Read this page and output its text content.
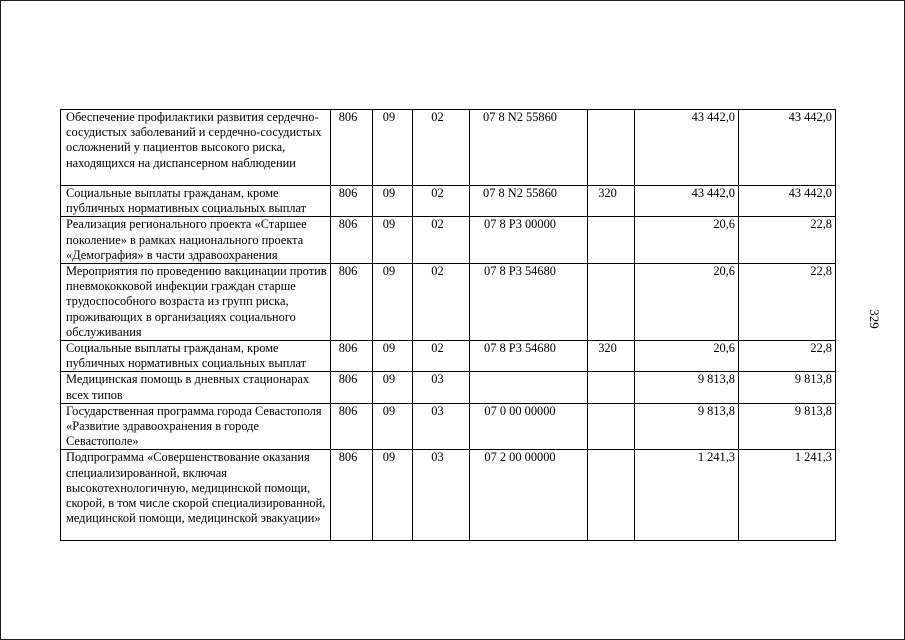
Обеспечение профилактики развития сердечно-сосудистых заболеваний и сердечно-сосудистых осложнений у пациентов высокого риска, находящихся на диспансерном наблюдении	806	09	02	07 8 N2 55860		43 442,0	43 442,0
Социальные выплаты гражданам, кроме публичных нормативных социальных выплат	806	09	02	07 8 N2 55860	320	43 442,0	43 442,0
Реализация регионального проекта «Старшее поколение» в рамках национального проекта «Демография» в части здравоохранения	806	09	02	07 8 P3 00000		20,6	22,8
Мероприятия по проведению вакцинации против пневмококковой инфекции граждан старше трудоспособного возраста из групп риска, проживающих в организациях социального обслуживания	806	09	02	07 8 P3 54680		20,6	22,8
Социальные выплаты гражданам, кроме публичных нормативных социальных выплат	806	09	02	07 8 P3 54680	320	20,6	22,8
Медицинская помощь в дневных стационарах всех типов	806	09	03			9 813,8	9 813,8
Государственная программа города Севастополя «Развитие здравоохранения в городе Севастополе»	806	09	03	07 0 00 00000		9 813,8	9 813,8
Подпрограмма «Совершенствование оказания специализированной, включая высокотехнологичную, медицинской помощи, скорой, в том числе скорой специализированной, медицинской помощи, медицинской эвакуации»	806	09	03	07 2 00 00000		1 241,3	1 241,3
329
